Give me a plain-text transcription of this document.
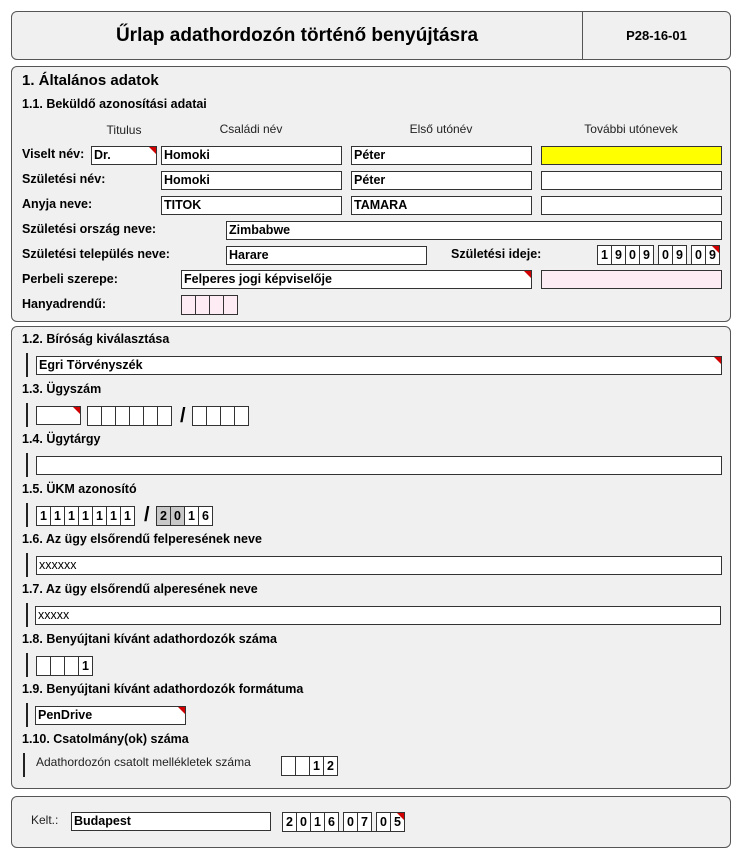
Űrlap adathordozón történő benyújtásra	P28-16-01
1. Általános adatok
1.1. Beküldő azonosítási adatai
Titulus	Családi név	Első utónév	További utónevek
Viselt név: Dr.	Homoki	Péter
Születési név:	Homoki	Péter
Anyja neve:	TITOK	TAMARA
Születési ország neve:	Zimbabwe
Születési település neve:	Harare	Születési ideje:	1 9 0 9 0 9 0 9
Perbeli szerepe:	Felperes jogi képviselője
Hanyadrendű:
1.2. Bíróság kiválasztása
Egri Törvényszék
1.3. Ügyszám
/
1.4. Ügytárgy
1.5. ÜKM azonosító
1 1 1 1 1 1 1 / 2 0 1 6
1.6. Az ügy elsőrendű felperesének neve
xxxxxx
1.7. Az ügy elsőrendű alperesének neve
xxxxx
1.8. Benyújtani kívánt adathordozók száma
1
1.9. Benyújtani kívánt adathordozók formátuma
PenDrive
1.10. Csatolmány(ok) száma
Adathordozón csatolt mellékletek száma	1 2
Kelt.: Budapest	2 0 1 6 0 7 0 5
